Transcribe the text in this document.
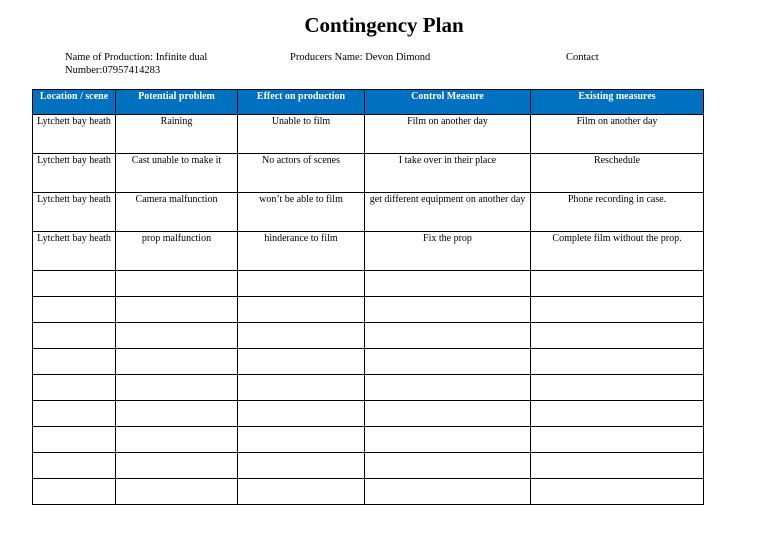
Contingency Plan
Name of Production: Infinite dual
Number:07957414283
Producers Name: Devon Dimond	Contact
Location / scene	Potential problem	Effect on production	Control Measure	Existing measures
Lytchett bay heath	Raining	Unable to film	Film on another day	Film on another day
Lytchett bay heath	Cast unable to make it	No actors of scenes	I take over in their place	Reschedule
Lytchett bay heath	Camera malfunction	won’t be able to film	get different equipment on another day	Phone recording in case.
Lytchett bay heath	prop malfunction	hinderance to film	Fix the prop	Complete film without the prop.
